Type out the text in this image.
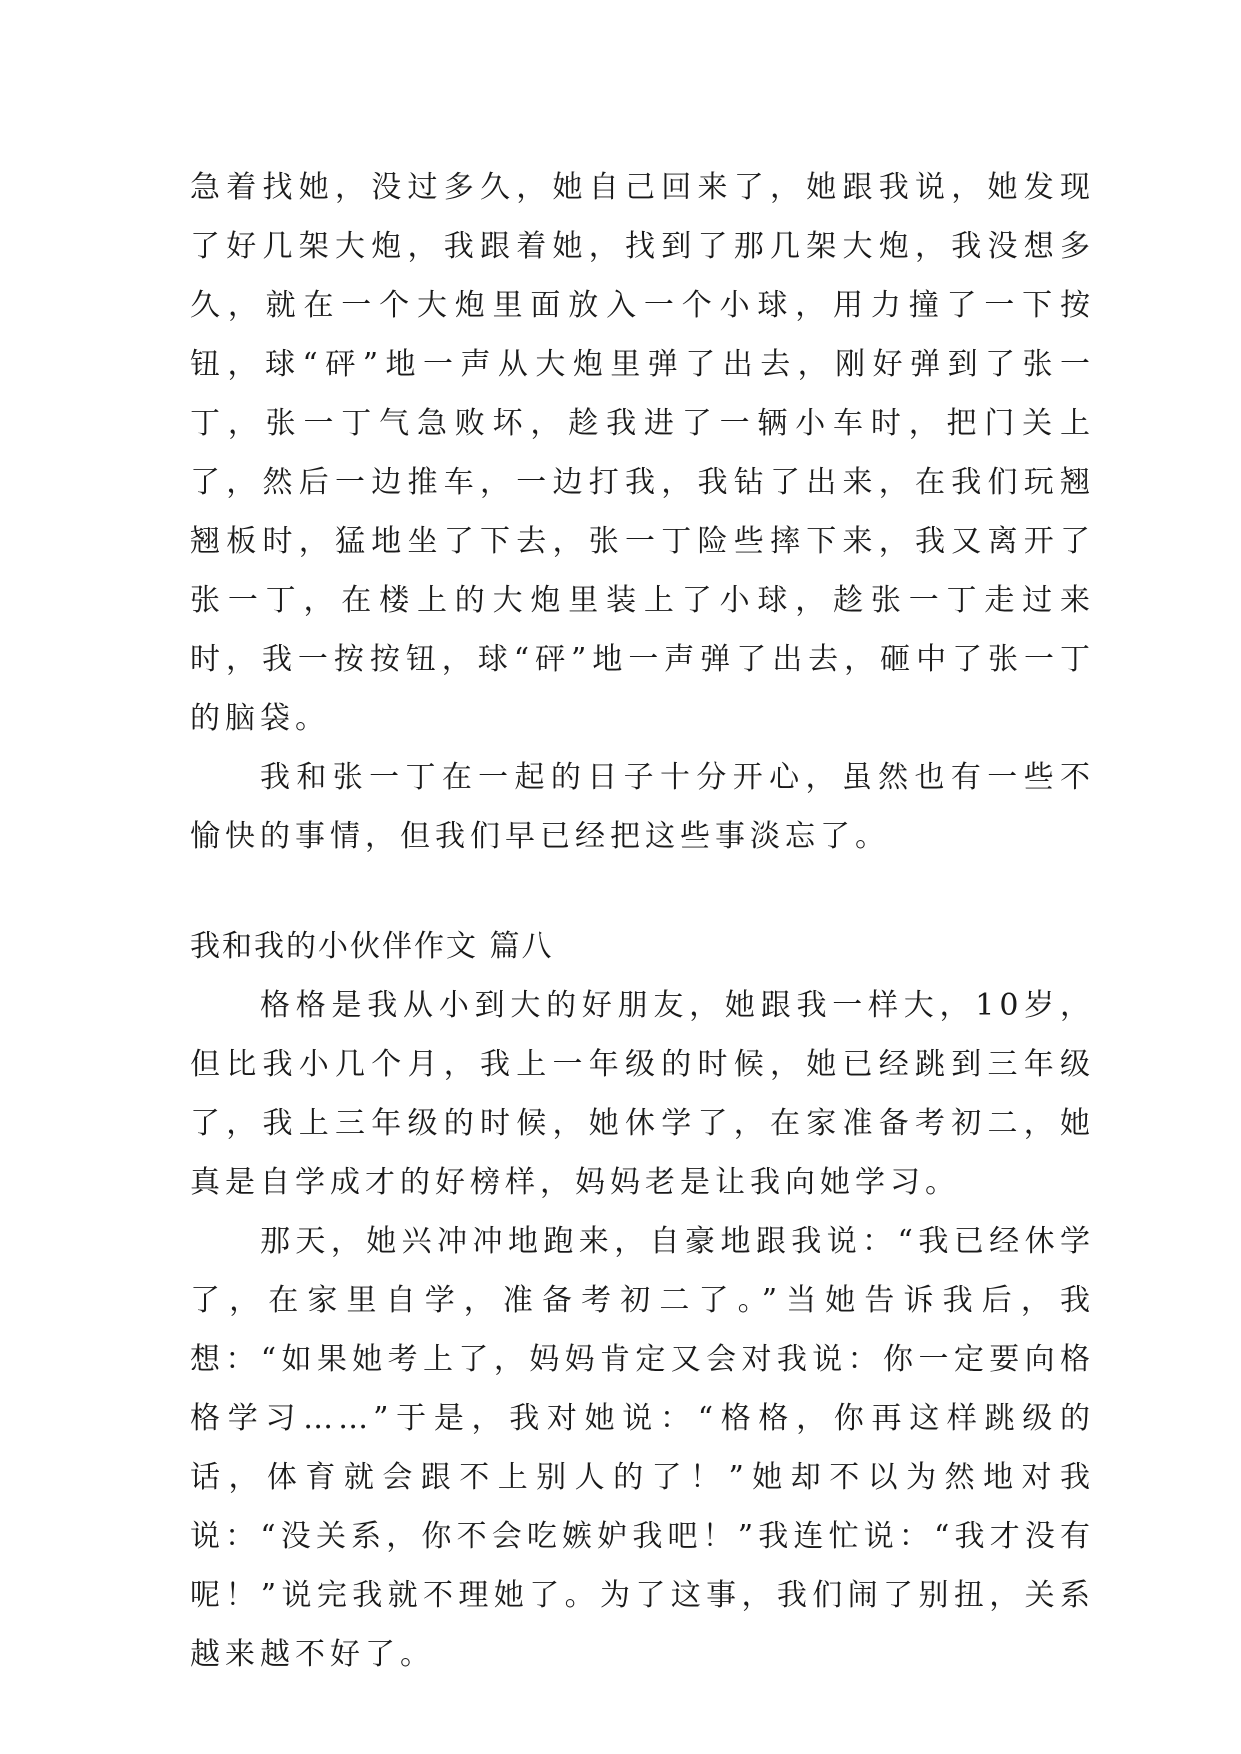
急着找她，没过多久，她自己回来了，她跟我说，她发现了好几架大炮，我跟着她，找到了那几架大炮，我没想多久，就在一个大炮里面放入一个小球，用力撞了一下按钮，球“砰”地一声从大炮里弹了出去，刚好弹到了张一丁，张一丁气急败坏，趁我进了一辆小车时，把门关上了，然后一边推车，一边打我，我钻了出来，在我们玩翘翘板时，猛地坐了下去，张一丁险些摔下来，我又离开了张一丁，在楼上的大炮里装上了小球，趁张一丁走过来时，我一按按钮，球“砰”地一声弹了出去，砸中了张一丁的脑袋。

我和张一丁在一起的日子十分开心，虽然也有一些不愉快的事情，但我们早已经把这些事淡忘了。

我和我的小伙伴作文 篇八

格格是我从小到大的好朋友，她跟我一样大，10岁，但比我小几个月，我上一年级的时候，她已经跳到三年级了，我上三年级的时候，她休学了，在家准备考初二，她真是自学成才的好榜样，妈妈老是让我向她学习。

那天，她兴冲冲地跑来，自豪地跟我说：“我已经休学了，在家里自学，准备考初二了。”当她告诉我后，我想：“如果她考上了，妈妈肯定又会对我说：你一定要向格格学习……”于是，我对她说：“格格，你再这样跳级的话，体育就会跟不上别人的了！”她却不以为然地对我说：“没关系，你不会吃嫉妒我吧！”我连忙说：“我才没有呢！”说完我就不理她了。为了这事，我们闹了别扭，关系越来越不好了。
